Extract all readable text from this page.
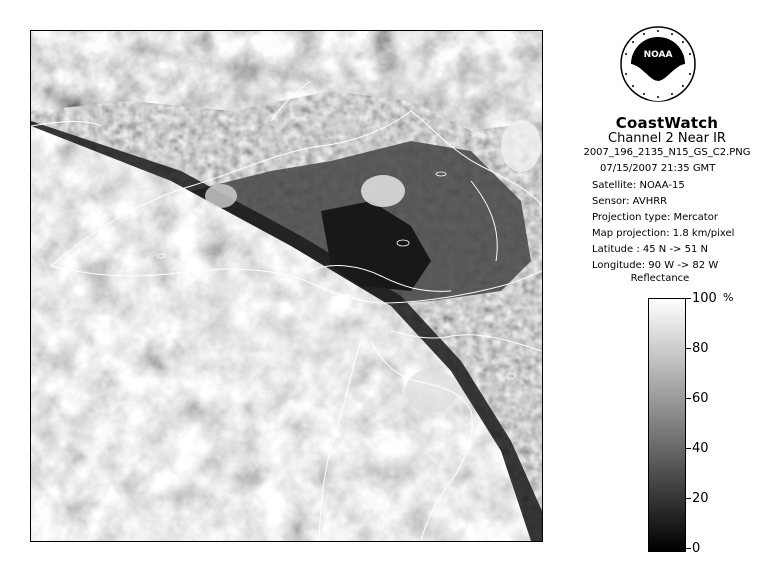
NOAA
CoastWatch
Channel 2 Near IR
2007_196_2135_N15_GS_C2.PNG
07/15/2007 21:35 GMT
Satellite: NOAA-15
Sensor: AVHRR
Projection type: Mercator
Map projection: 1.8 km/pixel
Latitude : 45 N -> 51 N
Longitude: 90 W -> 82 W
Reflectance
%
100
80
60
40
20
0
